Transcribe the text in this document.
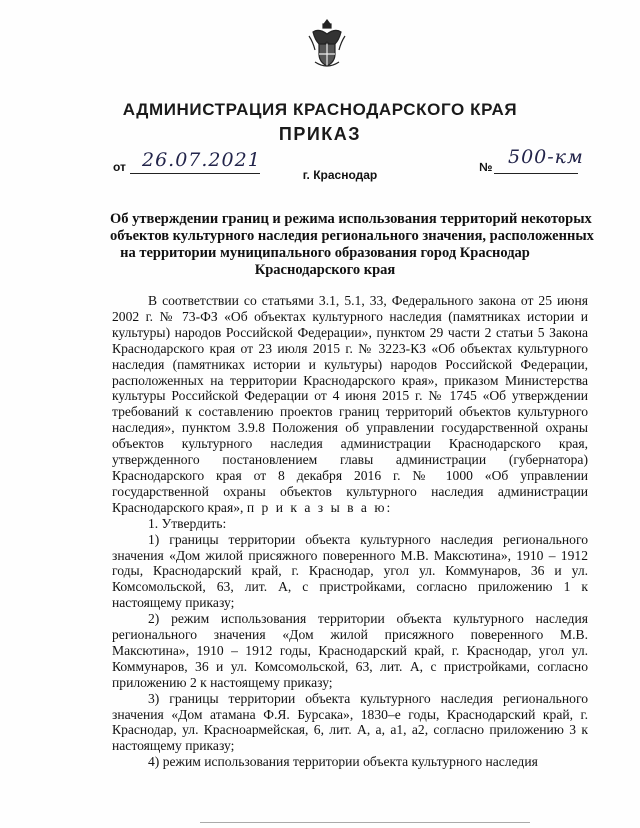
АДМИНИСТРАЦИЯ КРАСНОДАРСКОГО КРАЯ
ПРИКАЗ
от 26.07.2021	№ 500-км
г. Краснодар
Об утверждении границ и режима использования территорий некоторых
объектов культурного наследия регионального значения, расположенных
на территории муниципального образования город Краснодар
Краснодарского края

В соответствии со статьями 3.1, 5.1, 33, Федерального закона от 25 июня 2002 г. № 73-ФЗ «Об объектах культурного наследия (памятниках истории и культуры) народов Российской Федерации», пунктом 29 части 2 статьи 5 Закона Краснодарского края от 23 июля 2015 г. № 3223-КЗ «Об объектах культурного наследия (памятниках истории и культуры) народов Российской Федерации, расположенных на территории Краснодарского края», приказом Министерства культуры Российской Федерации от 4 июня 2015 г. № 1745 «Об утверждении требований к составлению проектов границ территорий объектов культурного наследия», пунктом 3.9.8 Положения об управлении государственной охраны объектов культурного наследия администрации Краснодарского края, утвержденного постановлением главы администрации (губернатора) Краснодарского края от 8 декабря 2016 г. № 1000 «Об управлении государственной охраны объектов культурного наследия администрации Краснодарского края», п р и к а з ы в а ю:

1. Утвердить:

1) границы территории объекта культурного наследия регионального значения «Дом жилой присяжного поверенного М.В. Максютина», 1910 – 1912 годы, Краснодарский край, г. Краснодар, угол ул. Коммунаров, 36 и ул. Комсомольской, 63, лит. А, с пристройками, согласно приложению 1 к настоящему приказу;

2) режим использования территории объекта культурного наследия регионального значения «Дом жилой присяжного поверенного М.В. Максютина», 1910 – 1912 годы, Краснодарский край, г. Краснодар, угол ул. Коммунаров, 36 и ул. Комсомольской, 63, лит. А, с пристройками, согласно приложению 2 к настоящему приказу;

3) границы территории объекта культурного наследия регионального значения «Дом атамана Ф.Я. Бурсака», 1830–е годы, Краснодарский край, г. Краснодар, ул. Красноармейская, 6, лит. А, а, а1, а2, согласно приложению 3 к настоящему приказу;

4) режим использования территории объекта культурного наследия
